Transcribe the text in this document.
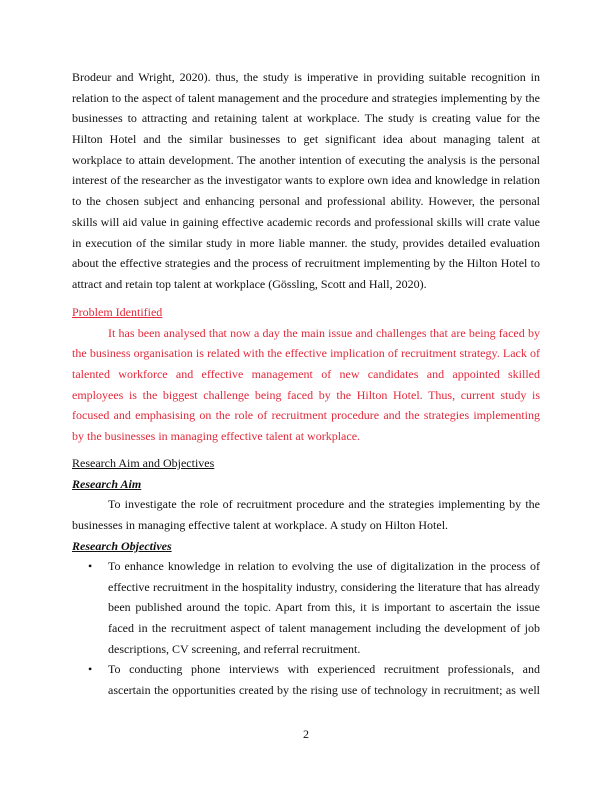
Brodeur and Wright, 2020). thus, the study is imperative in providing suitable recognition in
relation to the aspect of talent management and the procedure and strategies implementing by the
businesses to attracting and retaining talent at workplace. The study is creating value for the
Hilton Hotel and the similar businesses to get significant idea about managing talent at
workplace to attain development. The another intention of executing the analysis is the personal
interest of the researcher as the investigator wants to explore own idea and knowledge in relation
to the chosen subject and enhancing personal and professional ability. However, the personal
skills will aid value in gaining effective academic records and professional skills will crate value
in execution of the similar study in more liable manner. the study, provides detailed evaluation
about the effective strategies and the process of recruitment implementing by the Hilton Hotel to
attract and retain top talent at workplace (Gössling, Scott and Hall, 2020).
Problem Identified
It has been analysed that now a day the main issue and challenges that are being faced by
the business organisation is related with the effective implication of recruitment strategy. Lack of
talented workforce and effective management of new candidates and appointed skilled
employees is the biggest challenge being faced by the Hilton Hotel. Thus, current study is
focused and emphasising on the role of recruitment procedure and the strategies implementing
by the businesses in managing effective talent at workplace.
Research Aim and Objectives
Research Aim
To investigate the role of recruitment procedure and the strategies implementing by the
businesses in managing effective talent at workplace. A study on Hilton Hotel.
Research Objectives
• To enhance knowledge in relation to evolving the use of digitalization in the process of
effective recruitment in the hospitality industry, considering the literature that has already
been published around the topic. Apart from this, it is important to ascertain the issue
faced in the recruitment aspect of talent management including the development of job
descriptions, CV screening, and referral recruitment.
• To conducting phone interviews with experienced recruitment professionals, and
ascertain the opportunities created by the rising use of technology in recruitment; as well
2
